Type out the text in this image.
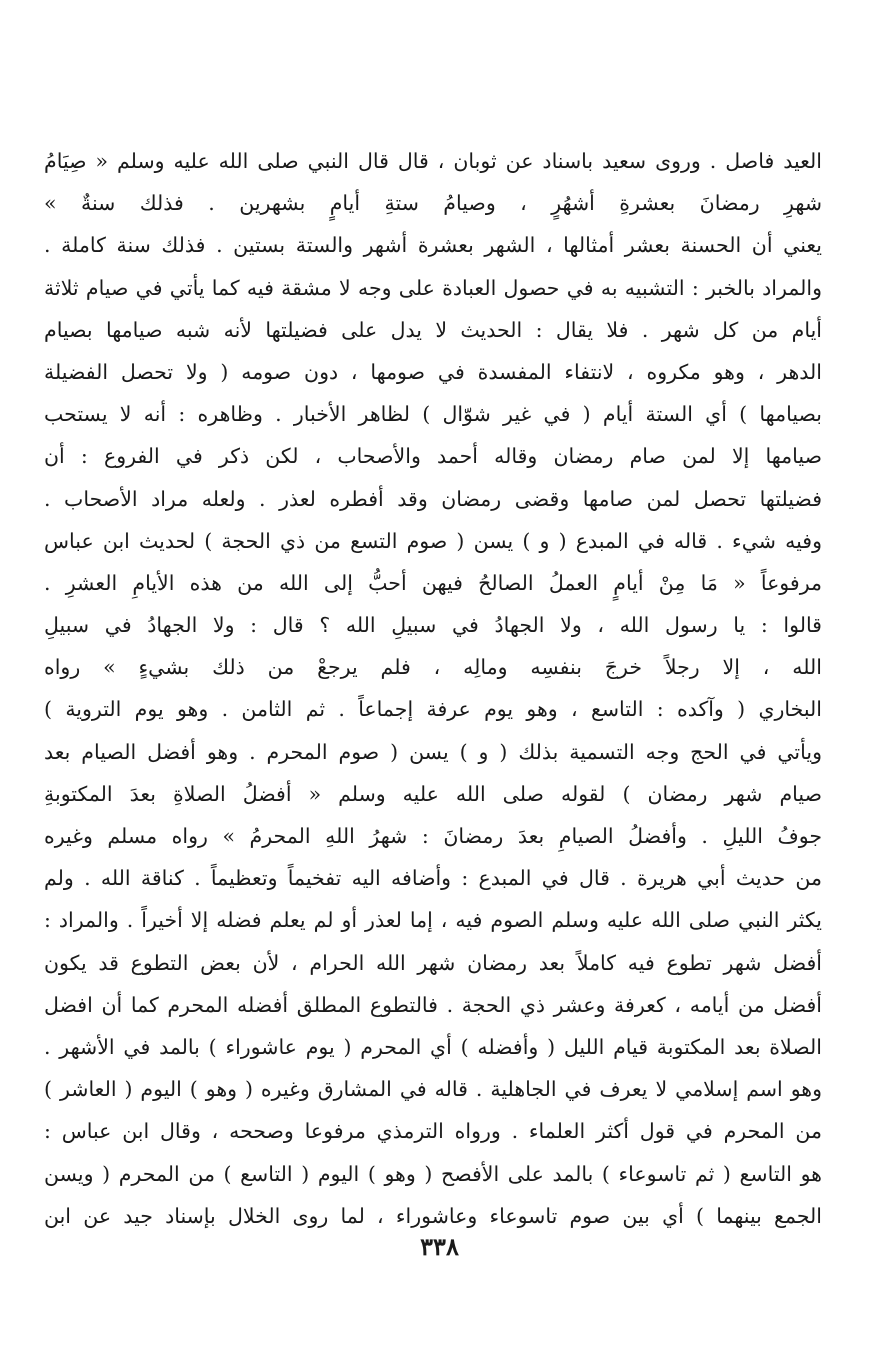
العيد فاصل . وروى سعيد باسناد عن ثوبان ، قال قال النبي صلى الله عليه وسلم « صِيَامُ
شهرِ رمضانَ بعشرةِ أشهُرٍ ، وصيامُ ستةِ أيامٍ بشهرين . فذلك سنةٌ »
يعني أن الحسنة بعشر أمثالها ، الشهر بعشرة أشهر والستة بستين . فذلك سنة كاملة .
والمراد بالخبر : التشبيه به في حصول العبادة على وجه لا مشقة فيه كما يأتي في صيام ثلاثة
أيام من كل شهر . فلا يقال : الحديث لا يدل على فضيلتها لأنه شبه صيامها بصيام
الدهر ، وهو مكروه ، لانتفاء المفسدة في صومها ، دون صومه ( ولا تحصل الفضيلة
بصيامها ) أي الستة أيام ( في غير شوّال ) لظاهر الأخبار . وظاهره : أنه لا يستحب
صيامها إلا لمن صام رمضان وقاله أحمد والأصحاب ، لكن ذكر في الفروع : أن
فضيلتها تحصل لمن صامها وقضى رمضان وقد أفطره لعذر . ولعله مراد الأصحاب .
وفيه شيء . قاله في المبدع ( و ) يسن ( صوم التسع من ذي الحجة ) لحديث ابن عباس
مرفوعاً « مَا مِنْ أيامٍ العملُ الصالحُ فيهن أحبُّ إلى الله من هذه الأيامِ العشرِ .
قالوا : يا رسول الله ، ولا الجهادُ في سبيلِ الله ؟ قال : ولا الجهادُ في سبيلِ
الله ، إلا رجلاً خرجَ بنفسِه ومالِه ، فلم يرجعْ من ذلك بشيءٍ » رواه
البخاري ( وآكده : التاسع ، وهو يوم عرفة إجماعاً . ثم الثامن . وهو يوم التروية )
ويأتي في الحج وجه التسمية بذلك ( و ) يسن ( صوم المحرم . وهو أفضل الصيام بعد
صيام شهر رمضان ) لقوله صلى الله عليه وسلم « أفضلُ الصلاةِ بعدَ المكتوبةِ
جوفُ الليلِ . وأفضلُ الصيامِ بعدَ رمضانَ : شهرُ اللهِ المحرمُ » رواه مسلم وغيره
من حديث أبي هريرة . قال في المبدع : وأضافه اليه تفخيماً وتعظيماً . كناقة الله . ولم
يكثر النبي صلى الله عليه وسلم الصوم فيه ، إما لعذر أو لم يعلم فضله إلا أخيراً . والمراد :
أفضل شهر تطوع فيه كاملاً بعد رمضان شهر الله الحرام ، لأن بعض التطوع قد يكون
أفضل من أيامه ، كعرفة وعشر ذي الحجة . فالتطوع المطلق أفضله المحرم كما أن افضل
الصلاة بعد المكتوبة قيام الليل ( وأفضله ) أي المحرم ( يوم عاشوراء ) بالمد في الأشهر .
وهو اسم إسلامي لا يعرف في الجاهلية . قاله في المشارق وغيره ( وهو ) اليوم ( العاشر )
من المحرم في قول أكثر العلماء . ورواه الترمذي مرفوعا وصححه ، وقال ابن عباس :
هو التاسع ( ثم تاسوعاء ) بالمد على الأفصح ( وهو ) اليوم ( التاسع ) من المحرم ( ويسن
الجمع بينهما ) أي بين صوم تاسوعاء وعاشوراء ، لما روى الخلال بإسناد جيد عن ابن
٣٣٨
